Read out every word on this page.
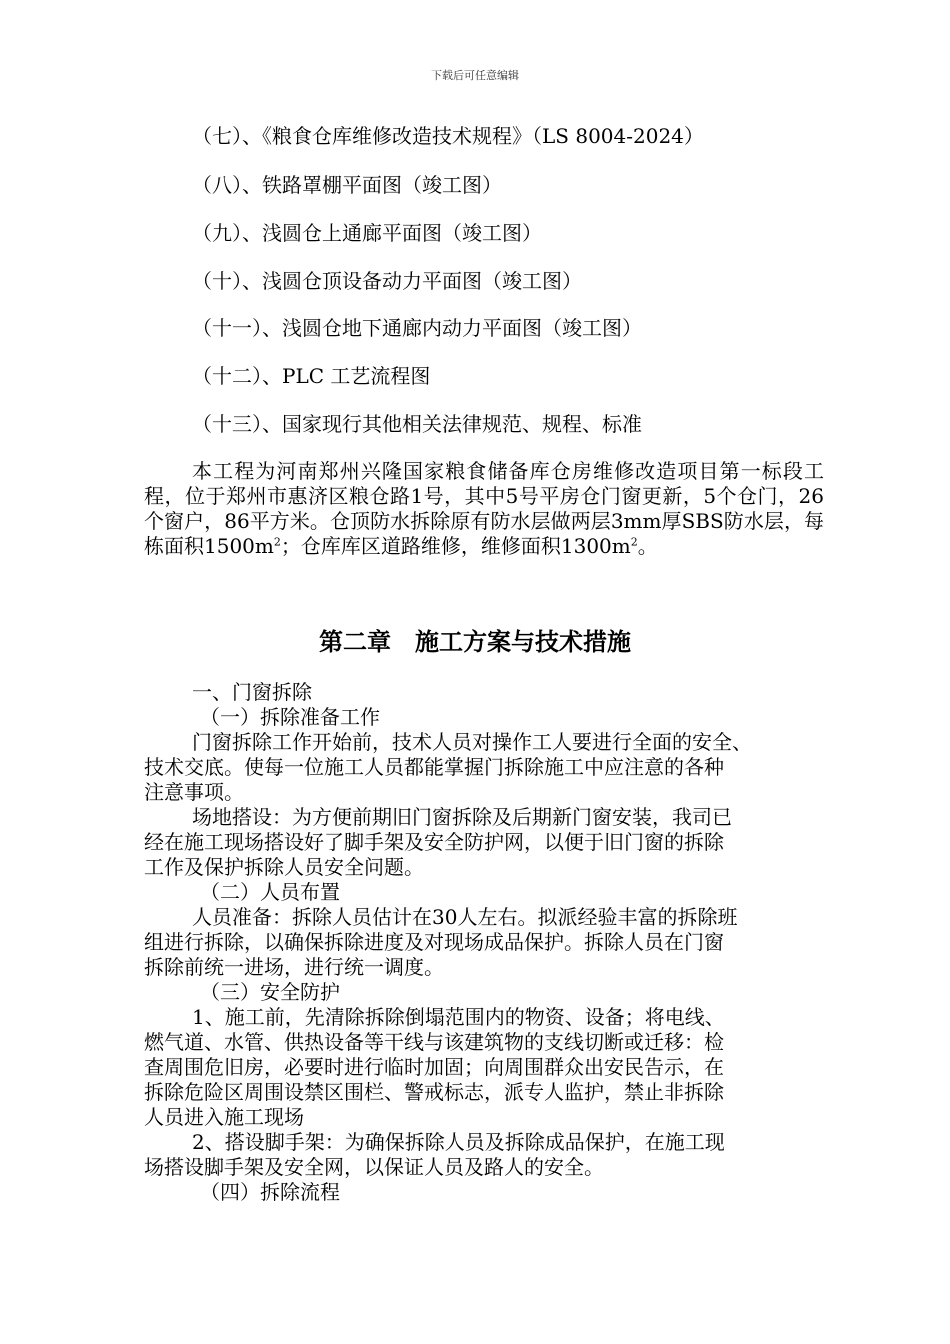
下载后可任意编辑
（七）、《粮食仓库维修改造技术规程》（LS 8004-2024）
（八）、铁路罩棚平面图（竣工图）
（九）、浅圆仓上通廊平面图（竣工图）
（十）、浅圆仓顶设备动力平面图（竣工图）
（十一）、浅圆仓地下通廊内动力平面图（竣工图）
（十二）、PLC 工艺流程图
（十三）、国家现行其他相关法律规范、规程、标准

本工程为河南郑州兴隆国家粮食储备库仓房维修改造项目第一标段工程，位于郑州市惠济区粮仓路1号，其中5号平房仓门窗更新，5个仓门，26个窗户，86平方米。仓顶防水拆除原有防水层做两层3mm厚SBS防水层，每栋面积$1500m^2$；仓库库区道路维修，维修面积$1300m^2$。

第二章　施工方案与技术措施
一、门窗拆除
（一）拆除准备工作
门窗拆除工作开始前，技术人员对操作工人要进行全面的安全、
技术交底。使每一位施工人员都能掌握门拆除施工中应注意的各种
注意事项。
场地搭设：为方便前期旧门窗拆除及后期新门窗安装，我司已
经在施工现场搭设好了脚手架及安全防护网，以便于旧门窗的拆除
工作及保护拆除人员安全问题。
（二）人员布置
人员准备：拆除人员估计在30人左右。拟派经验丰富的拆除班
组进行拆除，以确保拆除进度及对现场成品保护。拆除人员在门窗
拆除前统一进场，进行统一调度。
（三）安全防护
1、施工前，先清除拆除倒塌范围内的物资、设备；将电线、
燃气道、水管、供热设备等干线与该建筑物的支线切断或迁移：检
查周围危旧房，必要时进行临时加固；向周围群众出安民告示，在
拆除危险区周围设禁区围栏、警戒标志，派专人监护，禁止非拆除
人员进入施工现场
2、搭设脚手架：为确保拆除人员及拆除成品保护，在施工现
场搭设脚手架及安全网，以保证人员及路人的安全。
（四）拆除流程
